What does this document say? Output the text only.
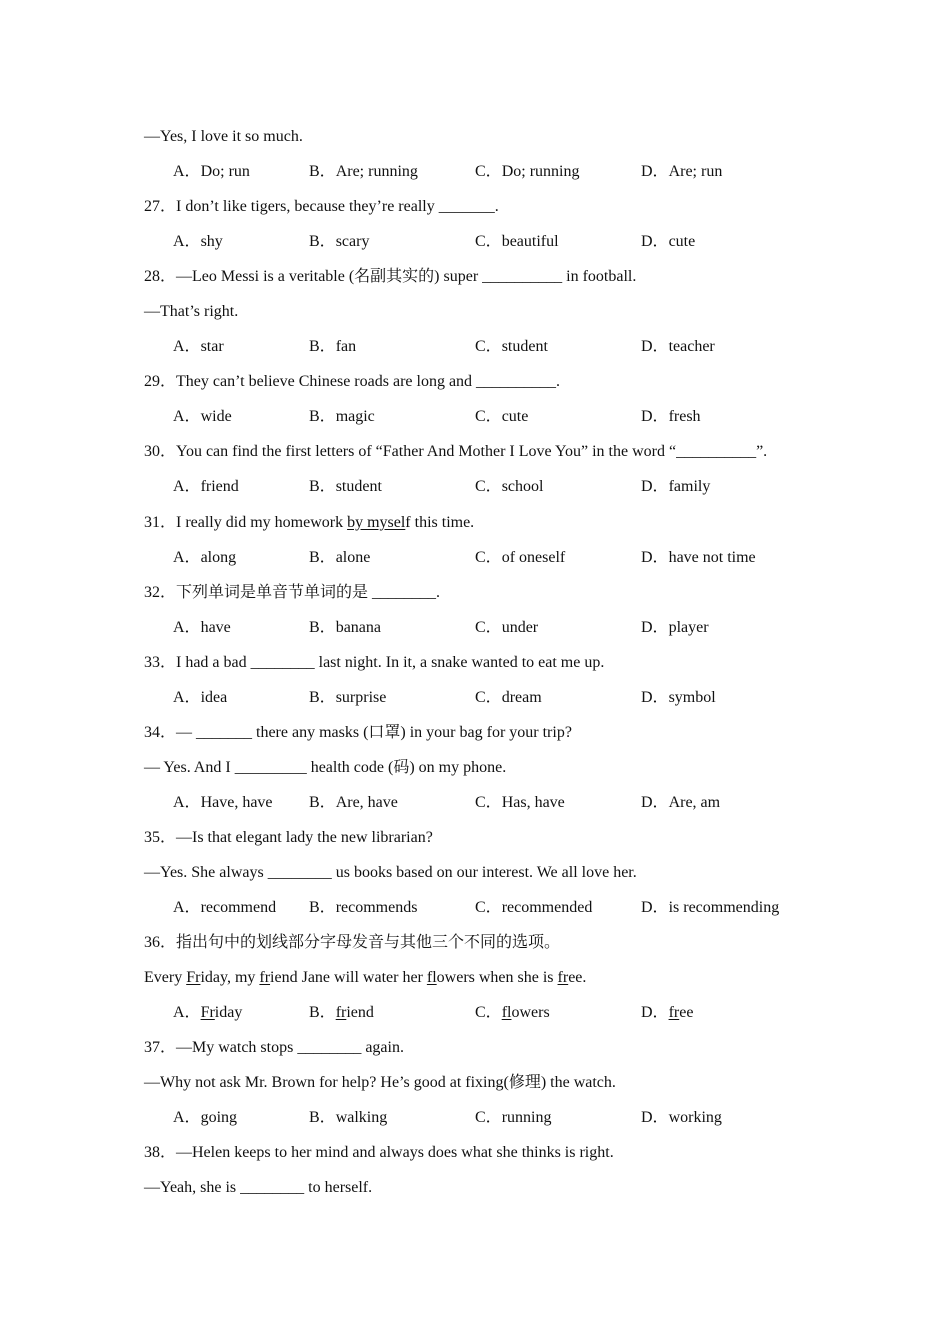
—Yes, I love it so much.
A．Do; run	B．Are; running	C．Do; running	D．Are; run
27．I don’t like tigers, because they’re really _______.
A．shy	B．scary	C．beautiful	D．cute
28．—Leo Messi is a veritable (名副其实的) super __________ in football.
—That’s right.
A．star	B．fan	C．student	D．teacher
29．They can’t believe Chinese roads are long and __________.
A．wide	B．magic	C．cute	D．fresh
30．You can find the first letters of “Father And Mother I Love You” in the word “__________”.
A．friend	B．student	C．school	D．family
31．I really did my homework by myself this time.
A．along	B．alone	C．of oneself	D．have not time
32．下列单词是单音节单词的是 ________.
A．have	B．banana	C．under	D．player
33．I had a bad ________ last night. In it, a snake wanted to eat me up.
A．idea	B．surprise	C．dream	D．symbol
34．— _______ there any masks (口罩) in your bag for your trip?
— Yes. And I _________ health code (码) on my phone.
A．Have, have B．Are, have	C．Has, have	D．Are, am
35．—Is that elegant lady the new librarian?
—Yes. She always ________ us books based on our interest. We all love her.
A．recommend B．recommends	C．recommended	D．is recommending
36．指出句中的划线部分字母发音与其他三个不同的选项。
Every Friday, my friend Jane will water her flowers when she is free.
A．Friday	B．friend	C．flowers	D．free
37．—My watch stops ________ again.
—Why not ask Mr. Brown for help? He’s good at fixing(修理) the watch.
A．going	B．walking	C．running	D．working
38．—Helen keeps to her mind and always does what she thinks is right.
—Yeah, she is ________ to herself.
